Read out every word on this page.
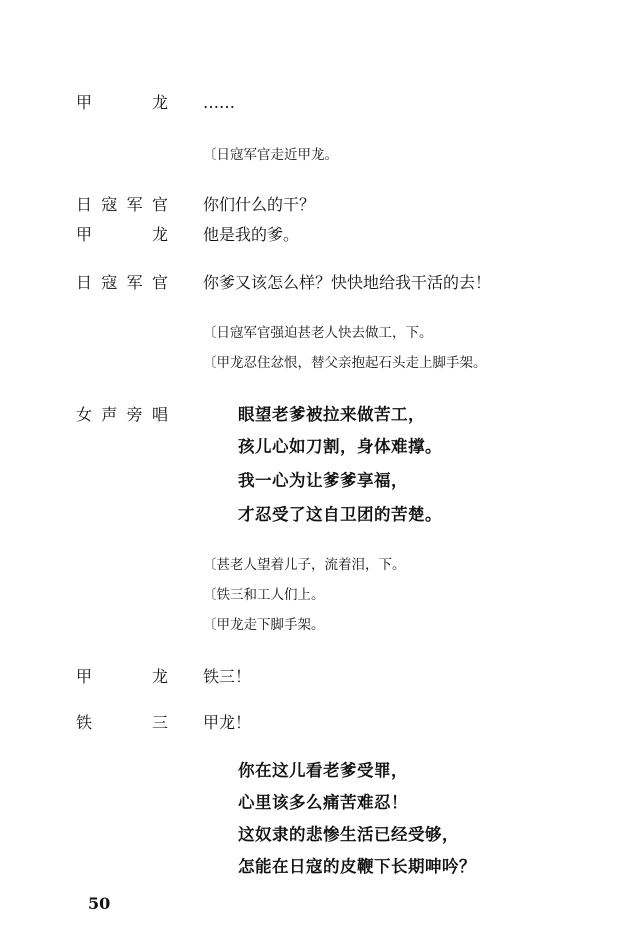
甲	龙 ……
〔日寇军官走近甲龙。
日 寇 军 官 你们什么的干？
甲	龙 他是我的爹。
日 寇 军 官 你爹又该怎么样？快快地给我干活的去！
〔日寇军官强迫甚老人快去做工，下。
〔甲龙忍住忿恨，替父亲抱起石头走上脚手架。
女 声 旁 唱	眼望老爹被拉来做苦工，
孩儿心如刀割，身体难撑。
我一心为让爹爹享福，
才忍受了这自卫团的苦楚。
〔甚老人望着儿子，流着泪，下。
〔铁三和工人们上。
〔甲龙走下脚手架。
甲	龙 铁三！
铁	三 甲龙！
你在这儿看老爹受罪，
心里该多么痛苦难忍！
这奴隶的悲惨生活已经受够，
怎能在日寇的皮鞭下长期呻吟？
50
